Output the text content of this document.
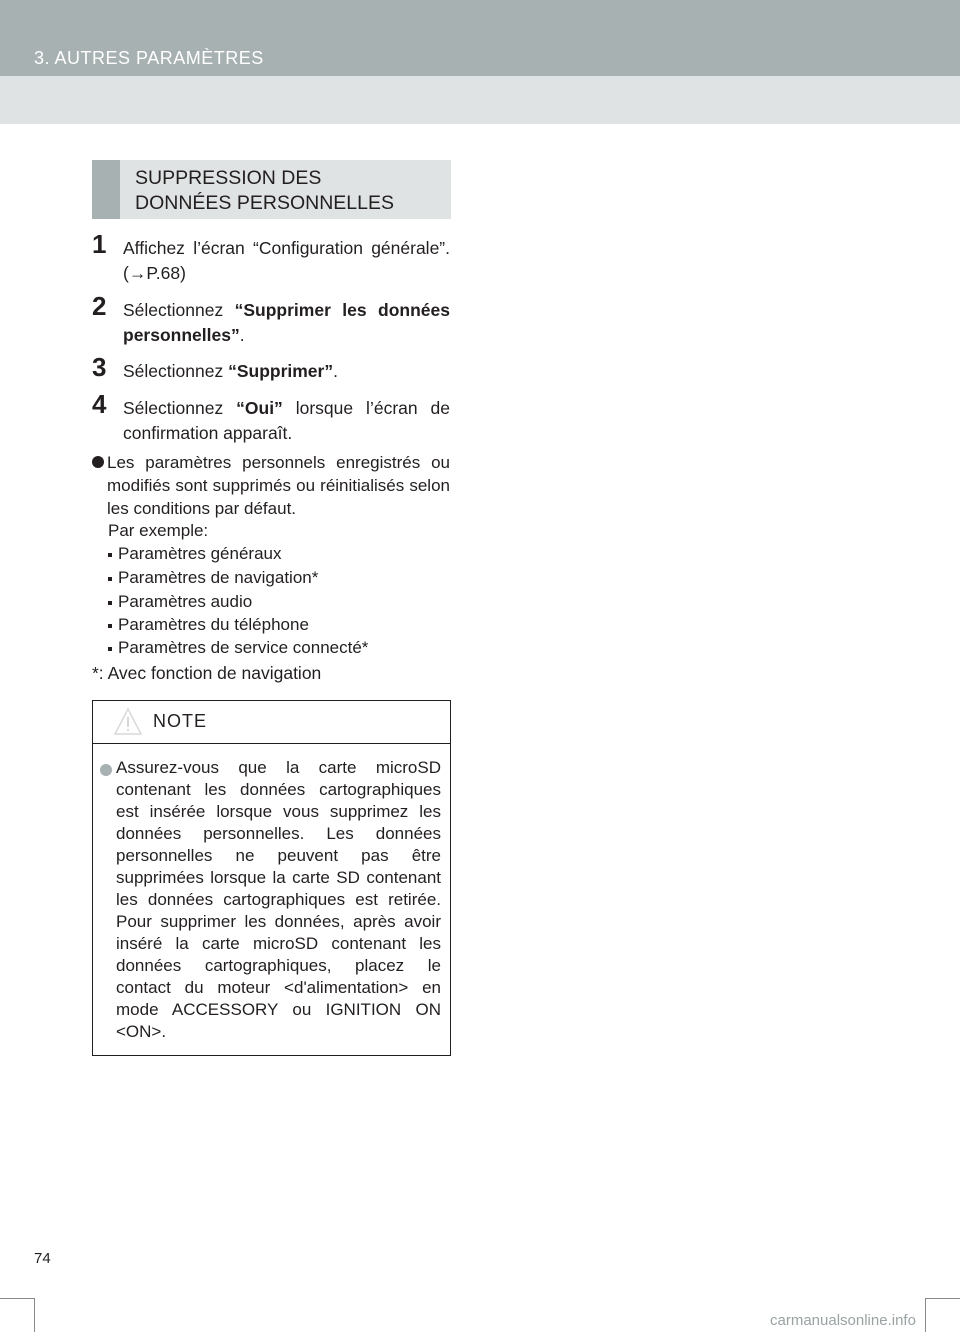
3. AUTRES PARAMÈTRES
SUPPRESSION DES
DONNÉES PERSONNELLES
1 Affichez l’écran “Configuration générale”. (→P.68)
2 Sélectionnez “Supprimer les données personnelles”.
3 Sélectionnez “Supprimer”.
4 Sélectionnez “Oui” lorsque l’écran de confirmation apparaît.
Les paramètres personnels enregistrés ou modifiés sont supprimés ou réinitialisés selon les conditions par défaut.
Par exemple:
Paramètres généraux
Paramètres de navigation*
Paramètres audio
Paramètres du téléphone
Paramètres de service connecté*
*: Avec fonction de navigation
NOTE
Assurez-vous que la carte microSD contenant les données cartographiques est insérée lorsque vous supprimez les données personnelles. Les données personnelles ne peuvent pas être supprimées lorsque la carte SD contenant les données cartographiques est retirée. Pour supprimer les données, après avoir inséré la carte microSD contenant les données cartographiques, placez le contact du moteur <d'alimentation> en mode ACCESSORY ou IGNITION ON <ON>.
74
carmanualsonline.info
